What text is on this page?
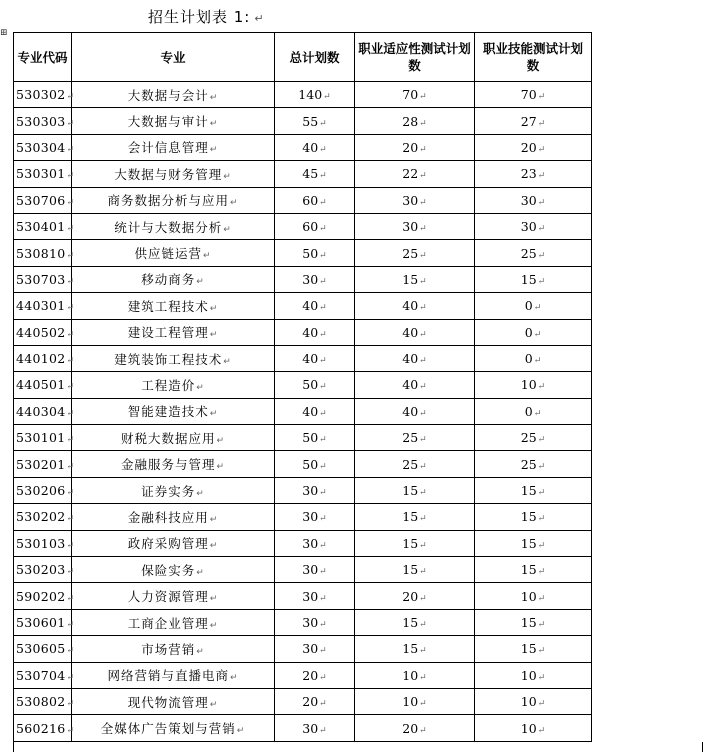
招生计划表 1: ↵
⊞
专业代码	专业	总计划数	职业适应性测试计划数	职业技能测试计划数
530302↵	大数据与会计↵	140↵	70↵	70↵
530303↵	大数据与审计↵	55↵	28↵	27↵
530304↵	会计信息管理↵	40↵	20↵	20↵
530301↵	大数据与财务管理↵	45↵	22↵	23↵
530706↵	商务数据分析与应用↵	60↵	30↵	30↵
530401↵	统计与大数据分析↵	60↵	30↵	30↵
530810↵	供应链运营↵	50↵	25↵	25↵
530703↵	移动商务↵	30↵	15↵	15↵
440301↵	建筑工程技术↵	40↵	40↵	0↵
440502↵	建设工程管理↵	40↵	40↵	0↵
440102↵	建筑装饰工程技术↵	40↵	40↵	0↵
440501↵	工程造价↵	50↵	40↵	10↵
440304↵	智能建造技术↵	40↵	40↵	0↵
530101↵	财税大数据应用↵	50↵	25↵	25↵
530201↵	金融服务与管理↵	50↵	25↵	25↵
530206↵	证券实务↵	30↵	15↵	15↵
530202↵	金融科技应用↵	30↵	15↵	15↵
530103↵	政府采购管理↵	30↵	15↵	15↵
530203↵	保险实务↵	30↵	15↵	15↵
590202↵	人力资源管理↵	30↵	20↵	10↵
530601↵	工商企业管理↵	30↵	15↵	15↵
530605↵	市场营销↵	30↵	15↵	15↵
530704↵	网络营销与直播电商↵	20↵	10↵	10↵
530802↵	现代物流管理↵	20↵	10↵	10↵
560216↵	全媒体广告策划与营销↵	30↵	20↵	10↵
